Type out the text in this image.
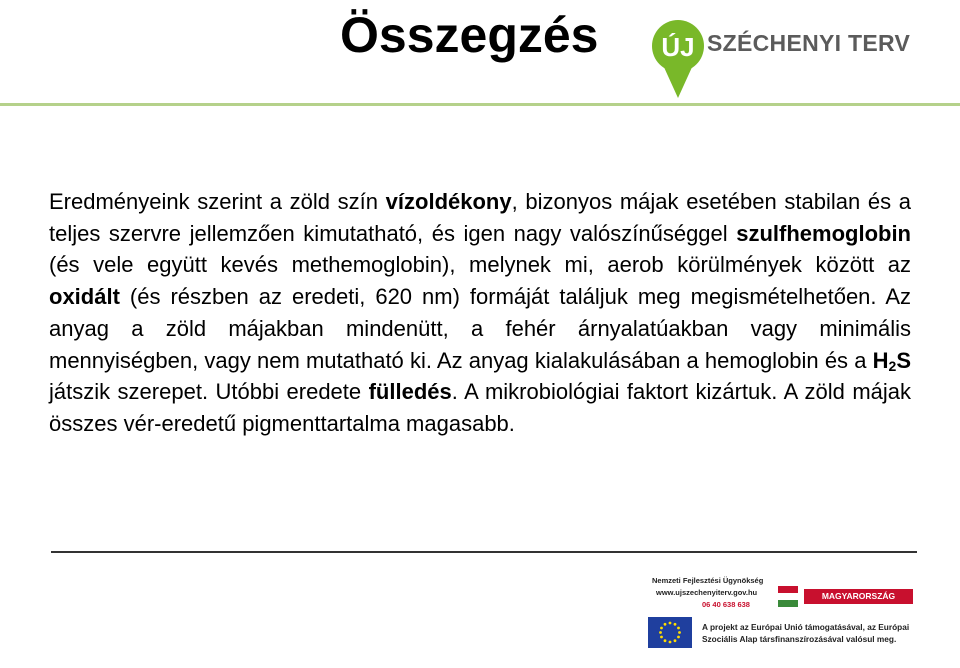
Összegzés ÚJ SZÉCHENYI TERV
Eredményeink szerint a zöld szín vízoldékony, bizonyos májak esetében stabilan és a teljes szervre jellemzően kimutatható, és igen nagy valószínűséggel szulfhemoglobin (és vele együtt kevés methemoglobin), melynek mi, aerob körülmények között az oxidált (és részben az eredeti, 620 nm) formáját találjuk meg megismételhetően. Az anyag a zöld májakban mindenütt, a fehér árnyalatúakban vagy minimális mennyiségben, vagy nem mutatható ki. Az anyag kialakulásában a hemoglobin és a $H_2S$ játszik szerepet. Utóbbi eredete fülledés. A mikrobiológiai faktort kizártuk. A zöld májak összes vér-eredetű pigmenttartalma magasabb.
Nemzeti Fejlesztési Ügynökség
www.ujszechenyiterv.gov.hu
06 40 638 638
MAGYARORSZÁG MEGÚJUL
A projekt az Európai Unió támogatásával, az Európai
Szociális Alap társfinanszírozásával valósul meg.
